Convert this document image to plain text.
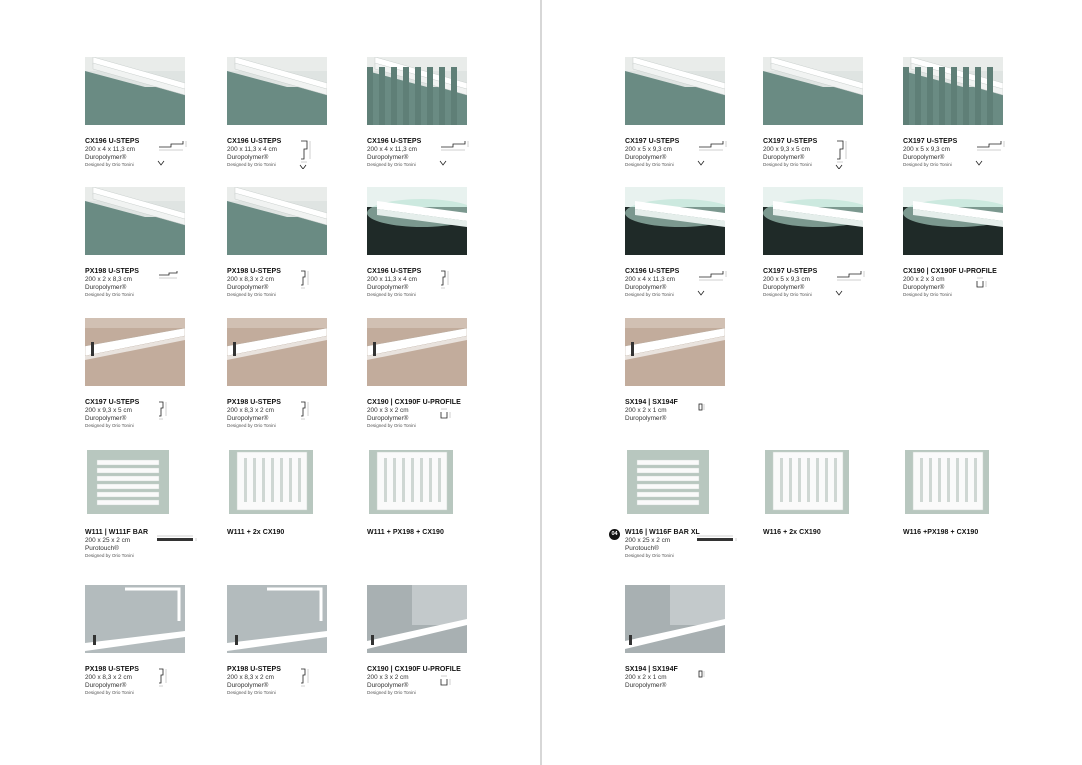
CX196 U-STEPS
200 x 4 x 11,3 cm
Duropolymer®
Designed by Orio Tonini
CX196 U-STEPS
200 x 11,3 x 4 cm
Duropolymer®
Designed by Orio Tonini
CX196 U-STEPS
200 x 4 x 11,3 cm
Duropolymer®
Designed by Orio Tonini
PX198 U-STEPS
200 x 2 x 8,3 cm
Duropolymer®
Designed by Orio Tonini
PX198 U-STEPS
200 x 8,3 x 2 cm
Duropolymer®
Designed by Orio Tonini
CX196 U-STEPS
200 x 11,3 x 4 cm
Duropolymer®
Designed by Orio Tonini
CX197 U-STEPS
200 x 9,3 x 5 cm
Duropolymer®
Designed by Orio Tonini
PX198 U-STEPS
200 x 8,3 x 2 cm
Duropolymer®
Designed by Orio Tonini
CX190 | CX190F U-PROFILE
200 x 3 x 2 cm
Duropolymer®
Designed by Orio Tonini
W111 | W111F BAR
200 x 25 x 2 cm
Purotouch®
Designed by Orio Tonini
W111 + 2x CX190	W111 + PX198 + CX190
PX198 U-STEPS
200 x 8,3 x 2 cm
Duropolymer®
Designed by Orio Tonini
PX198 U-STEPS
200 x 8,3 x 2 cm
Duropolymer®
Designed by Orio Tonini
CX190 | CX190F U-PROFILE
200 x 3 x 2 cm
Duropolymer®
Designed by Orio Tonini
CX197 U-STEPS
200 x 5 x 9,3 cm
Duropolymer®
Designed by Orio Tonini
CX197 U-STEPS
200 x 9,3 x 5 cm
Duropolymer®
Designed by Orio Tonini
CX197 U-STEPS
200 x 5 x 9,3 cm
Duropolymer®
Designed by Orio Tonini
CX196 U-STEPS
200 x 4 x 11,3 cm
Duropolymer®
Designed by Orio Tonini
CX197 U-STEPS
200 x 5 x 9,3 cm
Duropolymer®
Designed by Orio Tonini
CX190 | CX190F U-PROFILE
200 x 2 x 3 cm
Duropolymer®
Designed by Orio Tonini
SX194 | SX194F
200 x 2 x 1 cm
Duropolymer®
04	W116 | W116F BAR XL
200 x 25 x 2 cm
Purotouch®
Designed by Orio Tonini
W116 + 2x CX190	W116 +PX198 + CX190
SX194 | SX194F
200 x 2 x 1 cm
Duropolymer®
